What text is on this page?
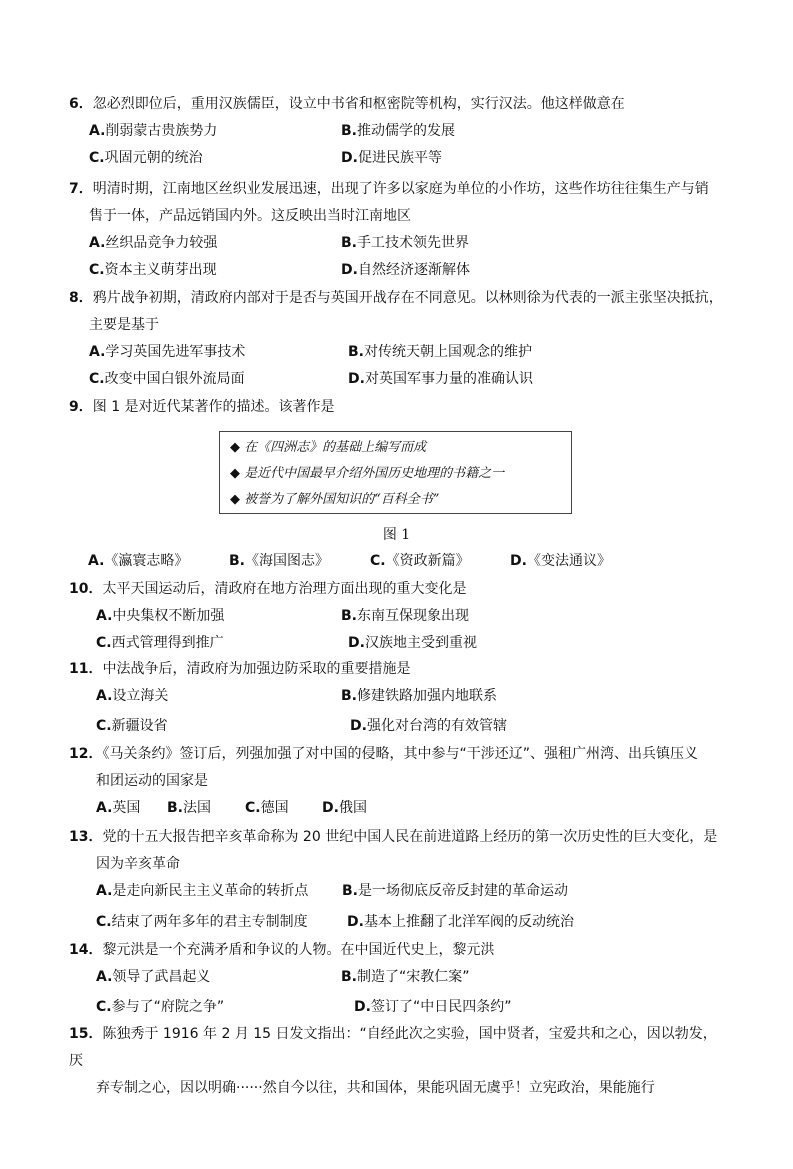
6．忽必烈即位后，重用汉族儒臣，设立中书省和枢密院等机构，实行汉法。他这样做意在
A.削弱蒙古贵族势力	B.推动儒学的发展
C.巩固元朝的统治	D.促进民族平等
7．明清时期，江南地区丝织业发展迅速，出现了许多以家庭为单位的小作坊，这些作坊往往集生产与销
售于一体，产品远销国内外。这反映出当时江南地区
A.丝织品竞争力较强	B.手工技术领先世界
C.资本主义萌芽出现	D.自然经济逐渐解体
8．鸦片战争初期，清政府内部对于是否与英国开战存在不同意见。以林则徐为代表的一派主张坚决抵抗，
主要是基于
A.学习英国先进军事技术	B.对传统天朝上国观念的维护
C.改变中国白银外流局面	D.对英国军事力量的准确认识
9．图 1 是对近代某著作的描述。该著作是
◆ 在《四洲志》的基础上编写而成
◆ 是近代中国最早介绍外国历史地理的书籍之一
◆ 被誉为了解外国知识的“百科全书”
图 1
A.《瀛寰志略》	B.《海国图志》	C.《资政新篇》	D.《变法通议》
10．太平天国运动后，清政府在地方治理方面出现的重大变化是
A.中央集权不断加强	B.东南互保现象出现
C.西式管理得到推广	D.汉族地主受到重视
11．中法战争后，清政府为加强边防采取的重要措施是
A.设立海关	B.修建铁路加强内地联系
C.新疆设省	D.强化对台湾的有效管辖
12．《马关条约》签订后，列强加强了对中国的侵略，其中参与“干涉还辽”、强租广州湾、出兵镇压义
和团运动的国家是
A.英国 B.法国 C.德国 D.俄国
13．党的十五大报告把辛亥革命称为 20 世纪中国人民在前进道路上经历的第一次历史性的巨大变化，是
因为辛亥革命
A.是走向新民主主义革命的转折点 B.是一场彻底反帝反封建的革命运动
C.结束了两年多年的君主专制制度	D.基本上推翻了北洋军阀的反动统治
14．黎元洪是一个充满矛盾和争议的人物。在中国近代史上，黎元洪
A.领导了武昌起义	B.制造了“宋教仁案”
C.参与了“府院之争”	D.签订了“中日民四条约”
15．陈独秀于 1916 年 2 月 15 日发文指出：“自经此次之实验，国中贤者，宝爱共和之心，因以勃发，厌
弃专制之心，因以明确······然自今以往，共和国体，果能巩固无虞乎！立宪政治，果能施行
